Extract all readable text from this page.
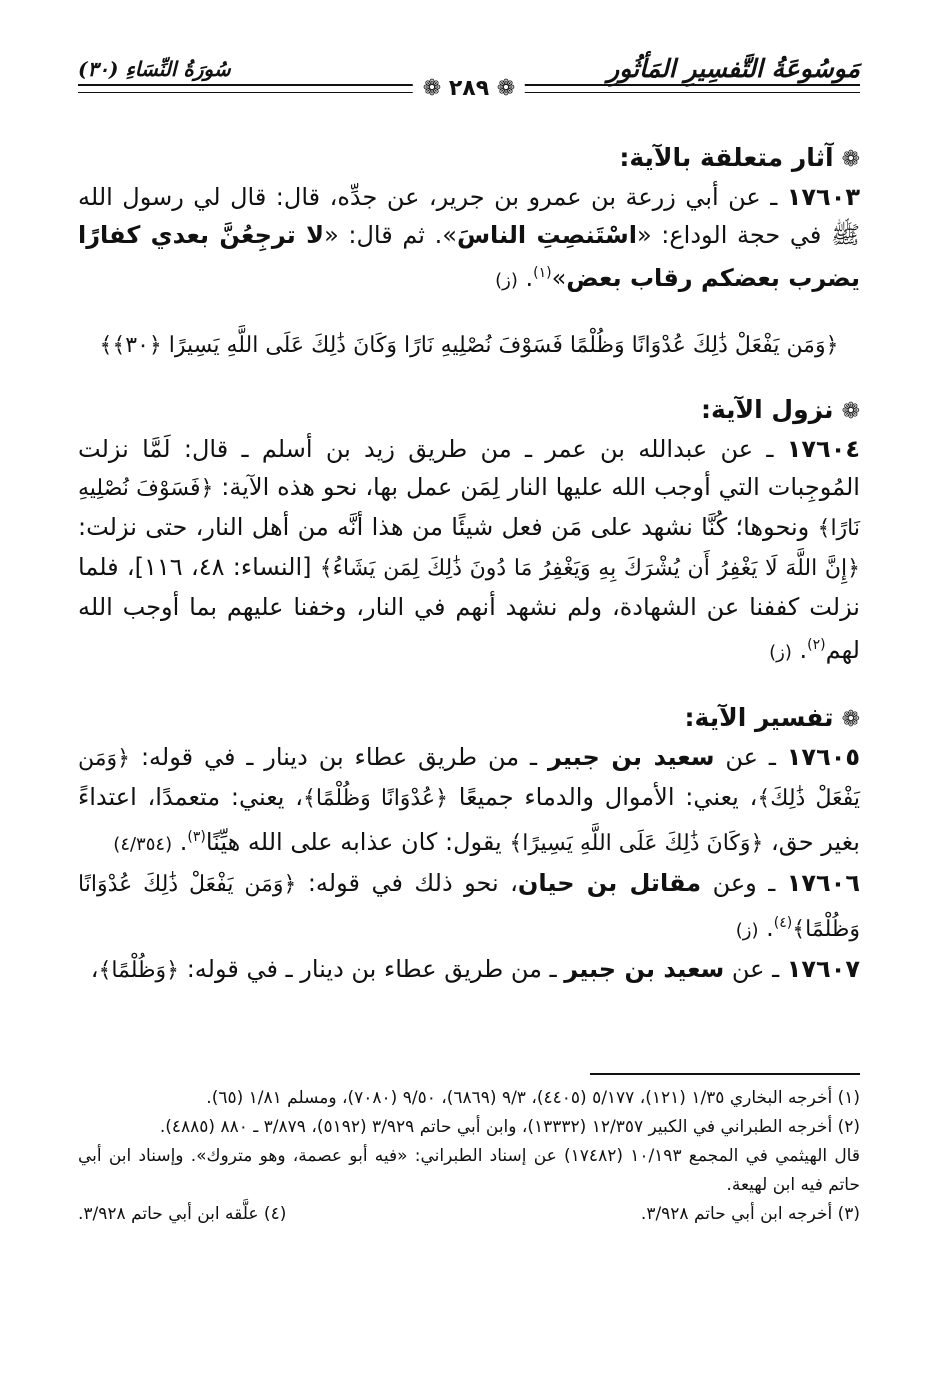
مَوسُوعَةُ التَّفسِيرِ المَأثُورِ
سُورَةُ النِّسَاءِ (٣٠)
❁ ٢٨٩ ❁
❁آثار متعلقة بالآية:

١٧٦٠٣ ـ عن أبي زرعة بن عمرو بن جرير، عن جدِّه، قال: قال لي رسول الله ﷺ في حجة الوداع: «اسْتَنصِتِ الناسَ». ثم قال: «لا ترجِعُنَّ بعدي كفارًا يضرب بعضكم رقاب بعض»$^{(١)}$. (ز)

﴿وَمَن يَفْعَلْ ذَٰلِكَ عُدْوَانًا وَظُلْمًا فَسَوْفَ نُصْلِيهِ نَارًا وَكَانَ ذَٰلِكَ عَلَى اللَّهِ يَسِيرًا ﴿٣٠﴾﴾
❁نزول الآية:

١٧٦٠٤ ـ عن عبدالله بن عمر ـ من طريق زيد بن أسلم ـ قال: لَمَّا نزلت المُوجِبات التي أوجب الله عليها النار لِمَن عمل بها، نحو هذه الآية: ﴿فَسَوْفَ نُصْلِيهِ نَارًا﴾ ونحوها؛ كُنَّا نشهد على مَن فعل شيئًا من هذا أنَّه من أهل النار، حتى نزلت: ﴿إِنَّ اللَّهَ لَا يَغْفِرُ أَن يُشْرَكَ بِهِ وَيَغْفِرُ مَا دُونَ ذَٰلِكَ لِمَن يَشَاءُ﴾ [النساء: ٤٨، ١١٦]، فلما نزلت كففنا عن الشهادة، ولم نشهد أنهم في النار، وخفنا عليهم بما أوجب الله لهم$^{(٢)}$. (ز)

❁تفسير الآية:

١٧٦٠٥ ـ عن سعيد بن جبير ـ من طريق عطاء بن دينار ـ في قوله: ﴿وَمَن يَفْعَلْ ذَٰلِكَ﴾، يعني: الأموال والدماء جميعًا ﴿عُدْوَانًا وَظُلْمًا﴾، يعني: متعمدًا، اعتداءً بغير حق، ﴿وَكَانَ ذَٰلِكَ عَلَى اللَّهِ يَسِيرًا﴾ يقول: كان عذابه على الله هيِّنًا$^{(٣)}$. (٤/٣٥٤)

١٧٦٠٦ ـ وعن مقاتل بن حيان، نحو ذلك في قوله: ﴿وَمَن يَفْعَلْ ذَٰلِكَ عُدْوَانًا وَظُلْمًا﴾$^{(٤)}$. (ز)

١٧٦٠٧ ـ عن سعيد بن جبير ـ من طريق عطاء بن دينار ـ في قوله: ﴿وَظُلْمًا﴾،

(١) أخرجه البخاري ١/٣٥ (١٢١)، ٥/١٧٧ (٤٤٠٥)، ٩/٣ (٦٨٦٩)، ٩/٥٠ (٧٠٨٠)، ومسلم ١/٨١ (٦٥).

(٢) أخرجه الطبراني في الكبير ١٢/٣٥٧ (١٣٣٣٢)، وابن أبي حاتم ٣/٩٢٩ (٥١٩٢)، ٣/٨٧٩ ـ ٨٨٠ (٤٨٨٥).

قال الهيثمي في المجمع ١٠/١٩٣ (١٧٤٨٢) عن إسناد الطبراني: «فيه أبو عصمة، وهو متروك». وإسناد ابن أبي حاتم فيه ابن لهيعة.

(٣) أخرجه ابن أبي حاتم ٣/٩٢٨.
(٤) علَّقه ابن أبي حاتم ٣/٩٢٨.
